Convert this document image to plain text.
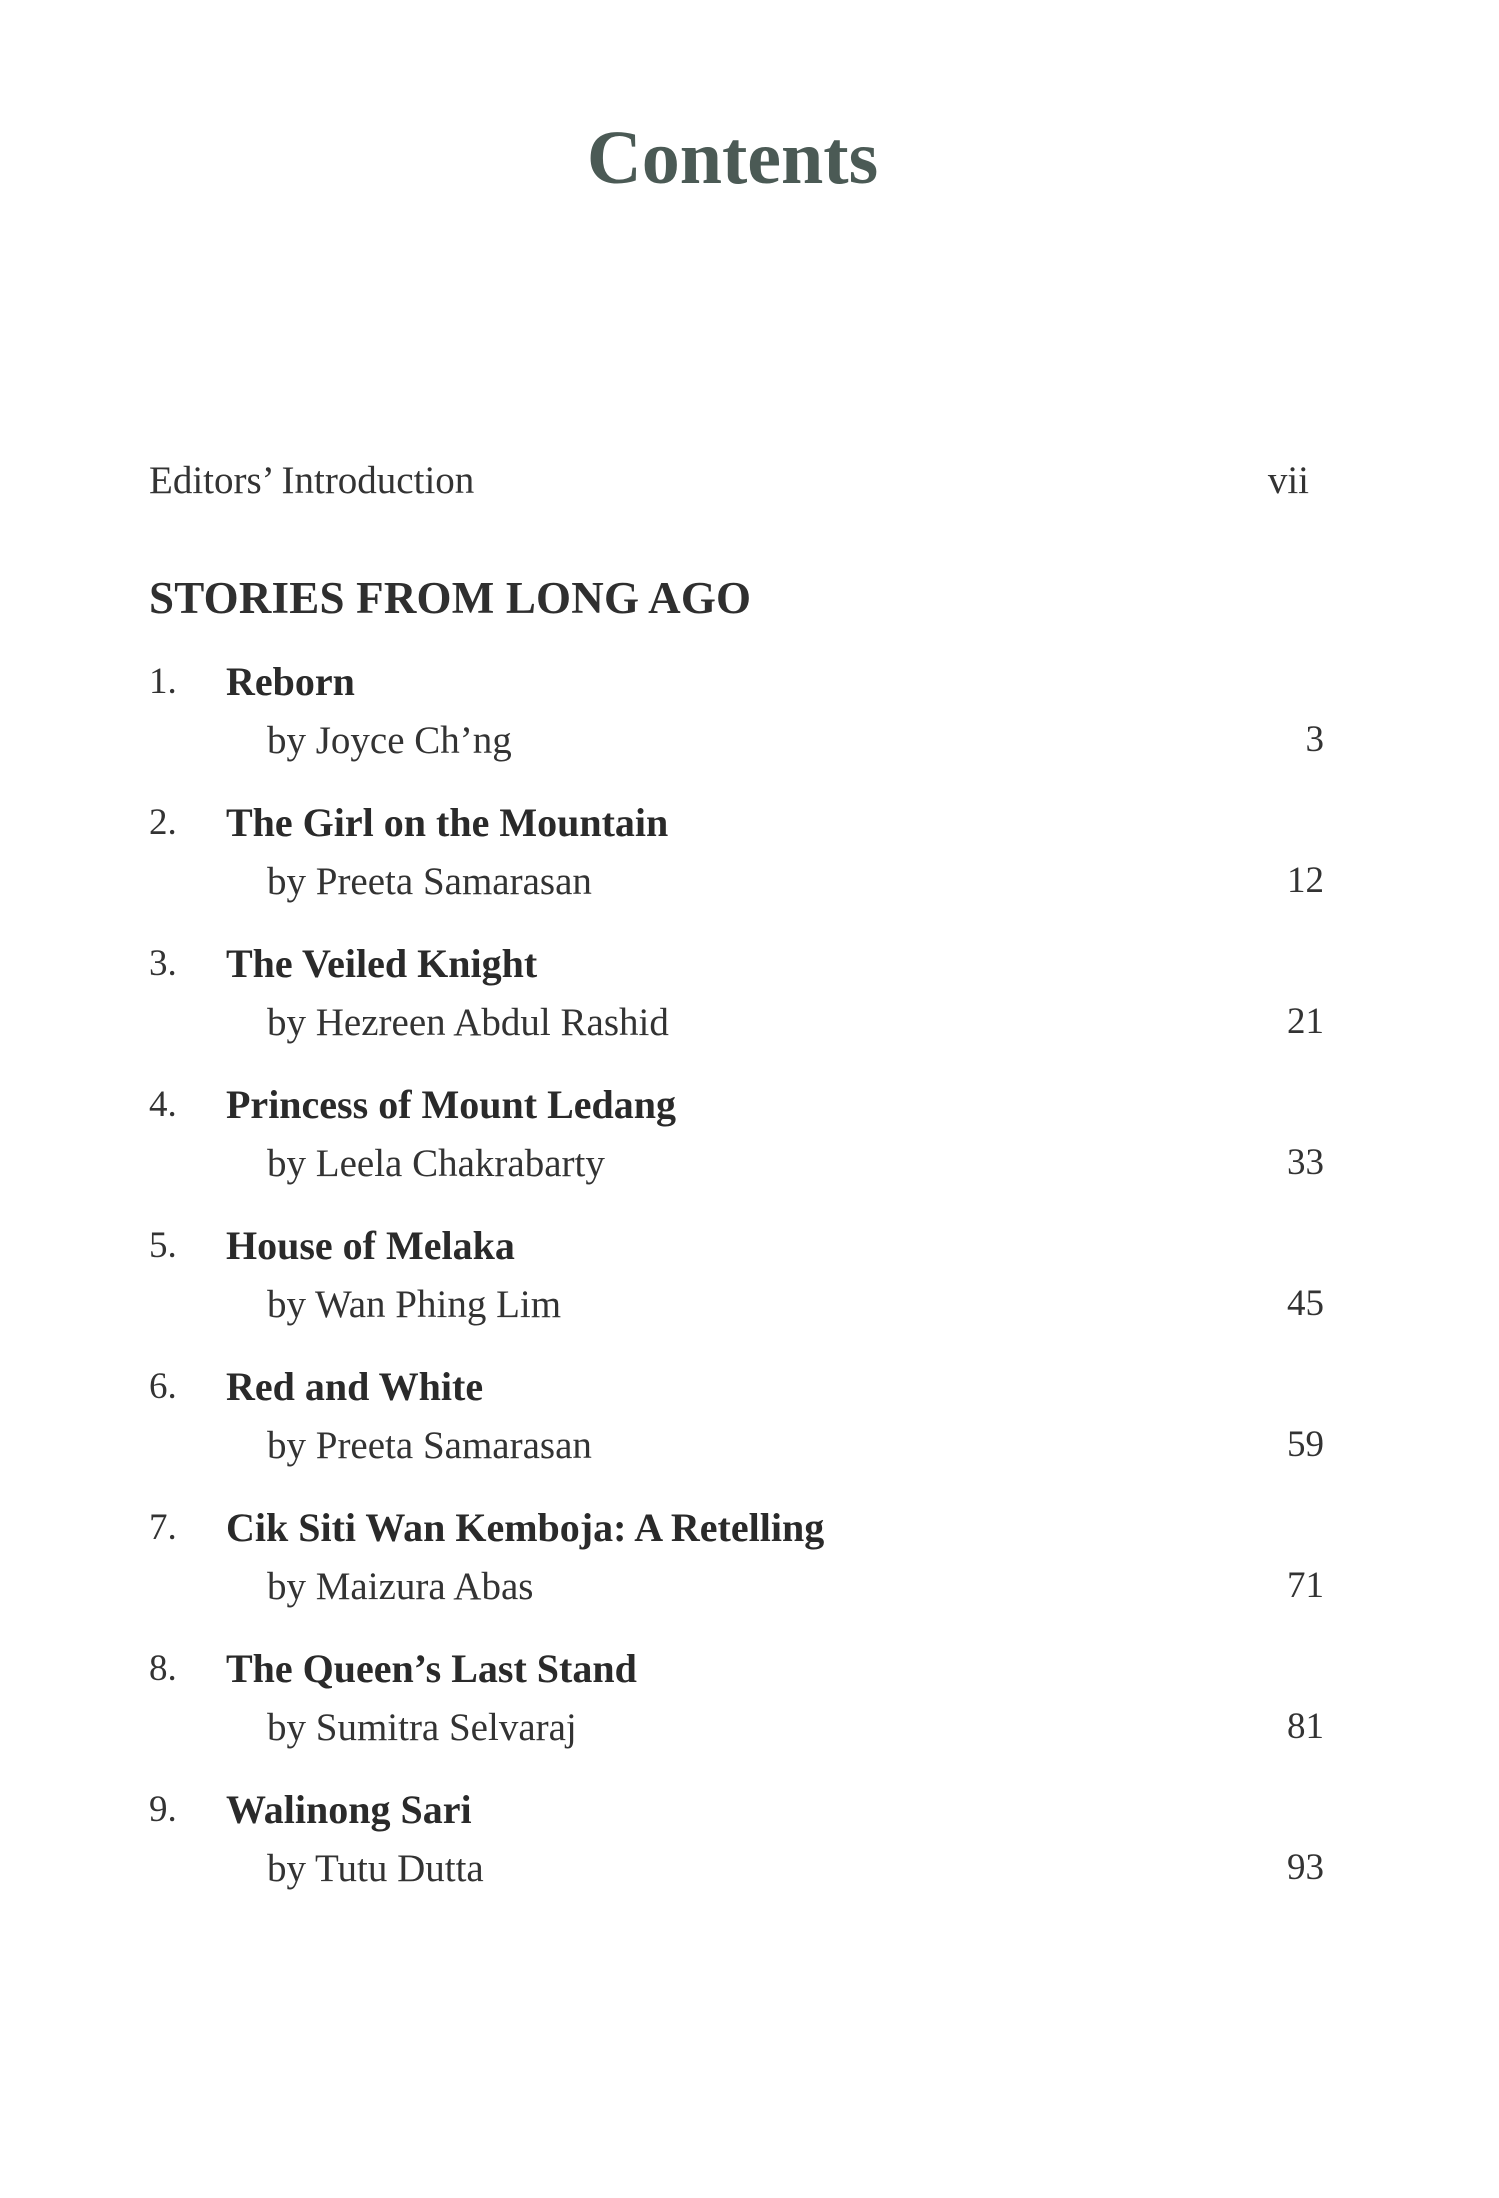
Contents
Editors’ Introduction	vii
STORIES FROM LONG AGO
1. Reborn
by Joyce Ch’ng	3
2. The Girl on the Mountain
by Preeta Samarasan	12
3. The Veiled Knight
by Hezreen Abdul Rashid	21
4. Princess of Mount Ledang
by Leela Chakrabarty	33
5. House of Melaka
by Wan Phing Lim	45
6. Red and White
by Preeta Samarasan	59
7. Cik Siti Wan Kemboja: A Retelling
by Maizura Abas	71
8. The Queen’s Last Stand
by Sumitra Selvaraj	81
9. Walinong Sari
by Tutu Dutta	93
